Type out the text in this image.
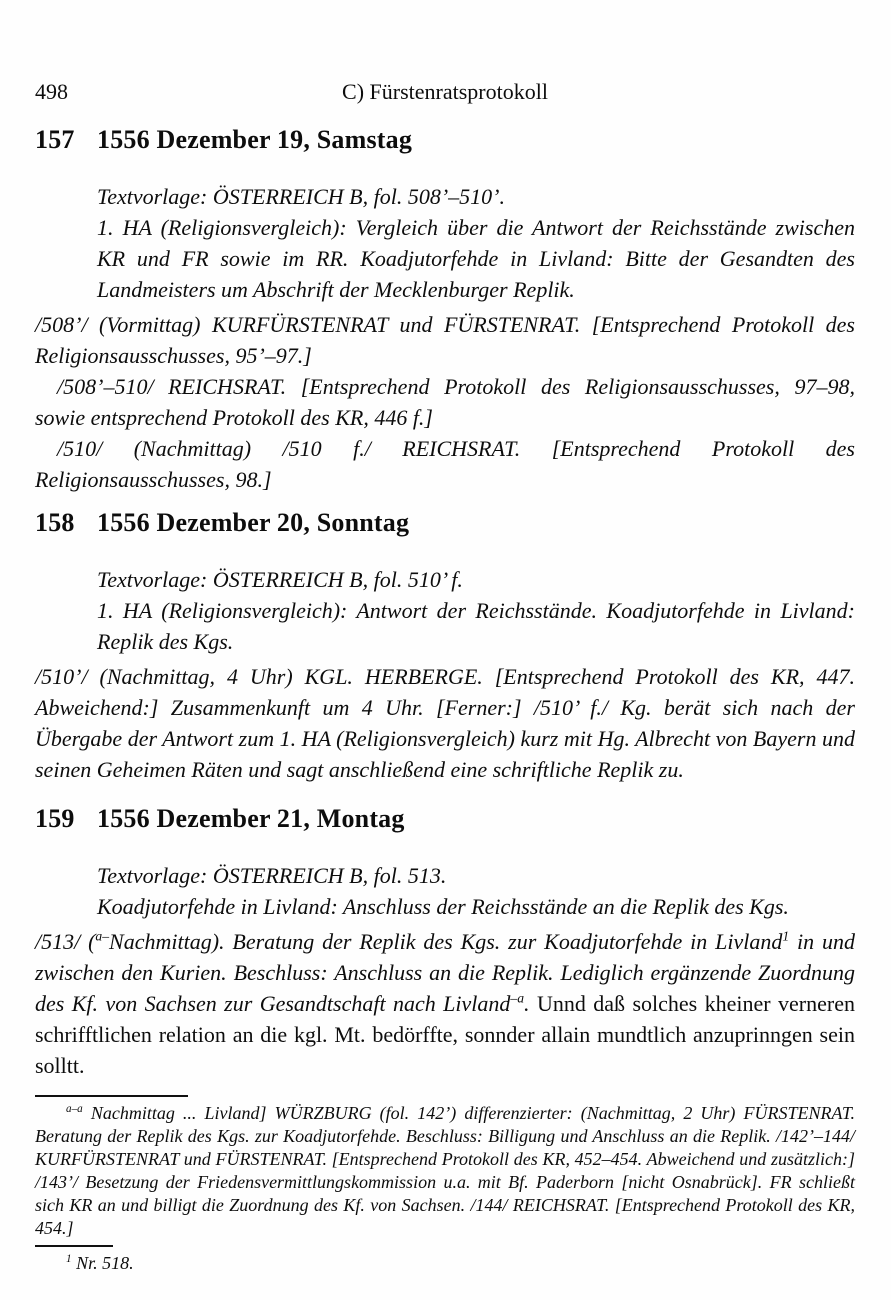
498	C) Fürstenratsprotokoll
157 1556 Dezember 19, Samstag
Textvorlage: ÖSTERREICH B, fol. 508’–510’.
1. HA (Religionsvergleich): Vergleich über die Antwort der Reichsstände zwischen KR und FR sowie im RR. Koadjutorfehde in Livland: Bitte der Gesandten des Landmeisters um Abschrift der Mecklenburger Replik.

/508’/ (Vormittag) KURFÜRSTENRAT und FÜRSTENRAT. [Entsprechend Protokoll des Religionsausschusses, 95’–97.]

/508’–510/ REICHSRAT. [Entsprechend Protokoll des Religionsausschusses, 97–98, sowie entsprechend Protokoll des KR, 446 f.]

/510/ (Nachmittag) /510 f./ REICHSRAT. [Entsprechend Protokoll des Religionsausschusses, 98.]

158 1556 Dezember 20, Sonntag
Textvorlage: ÖSTERREICH B, fol. 510’ f.
1. HA (Religionsvergleich): Antwort der Reichsstände. Koadjutorfehde in Livland: Replik des Kgs.

/510’/ (Nachmittag, 4 Uhr) KGL. HERBERGE. [Entsprechend Protokoll des KR, 447. Abweichend:] Zusammenkunft um 4 Uhr. [Ferner:] /510’ f./ Kg. berät sich nach der Übergabe der Antwort zum 1. HA (Religionsvergleich) kurz mit Hg. Albrecht von Bayern und seinen Geheimen Räten und sagt anschließend eine schriftliche Replik zu.

159 1556 Dezember 21, Montag
Textvorlage: ÖSTERREICH B, fol. 513.
Koadjutorfehde in Livland: Anschluss der Reichsstände an die Replik des Kgs.

/513/ ($^{a-}$Nachmittag). Beratung der Replik des Kgs. zur Koadjutorfehde in Livland$^1$ in und zwischen den Kurien. Beschluss: Anschluss an die Replik. Lediglich ergänzende Zuordnung des Kf. von Sachsen zur Gesandtschaft nach Livland$^{-a}$. Unnd daß solches kheiner verneren schrifftlichen relation an die kgl. Mt. bedörffte, sonnder allain mundtlich anzuprinngen sein solltt.

$^{a-a}$ Nachmittag ... Livland] WÜRZBURG (fol. 142’) differenzierter: (Nachmittag, 2 Uhr) FÜRSTENRAT. Beratung der Replik des Kgs. zur Koadjutorfehde. Beschluss: Billigung und Anschluss an die Replik. /142’–144/ KURFÜRSTENRAT und FÜRSTENRAT. [Entsprechend Protokoll des KR, 452–454. Abweichend und zusätzlich:] /143’/ Besetzung der Friedensvermittlungskommission u.a. mit Bf. Paderborn [nicht Osnabrück]. FR schließt sich KR an und billigt die Zuordnung des Kf. von Sachsen. /144/ REICHSRAT. [Entsprechend Protokoll des KR, 454.]

$^1$ Nr. 518.
